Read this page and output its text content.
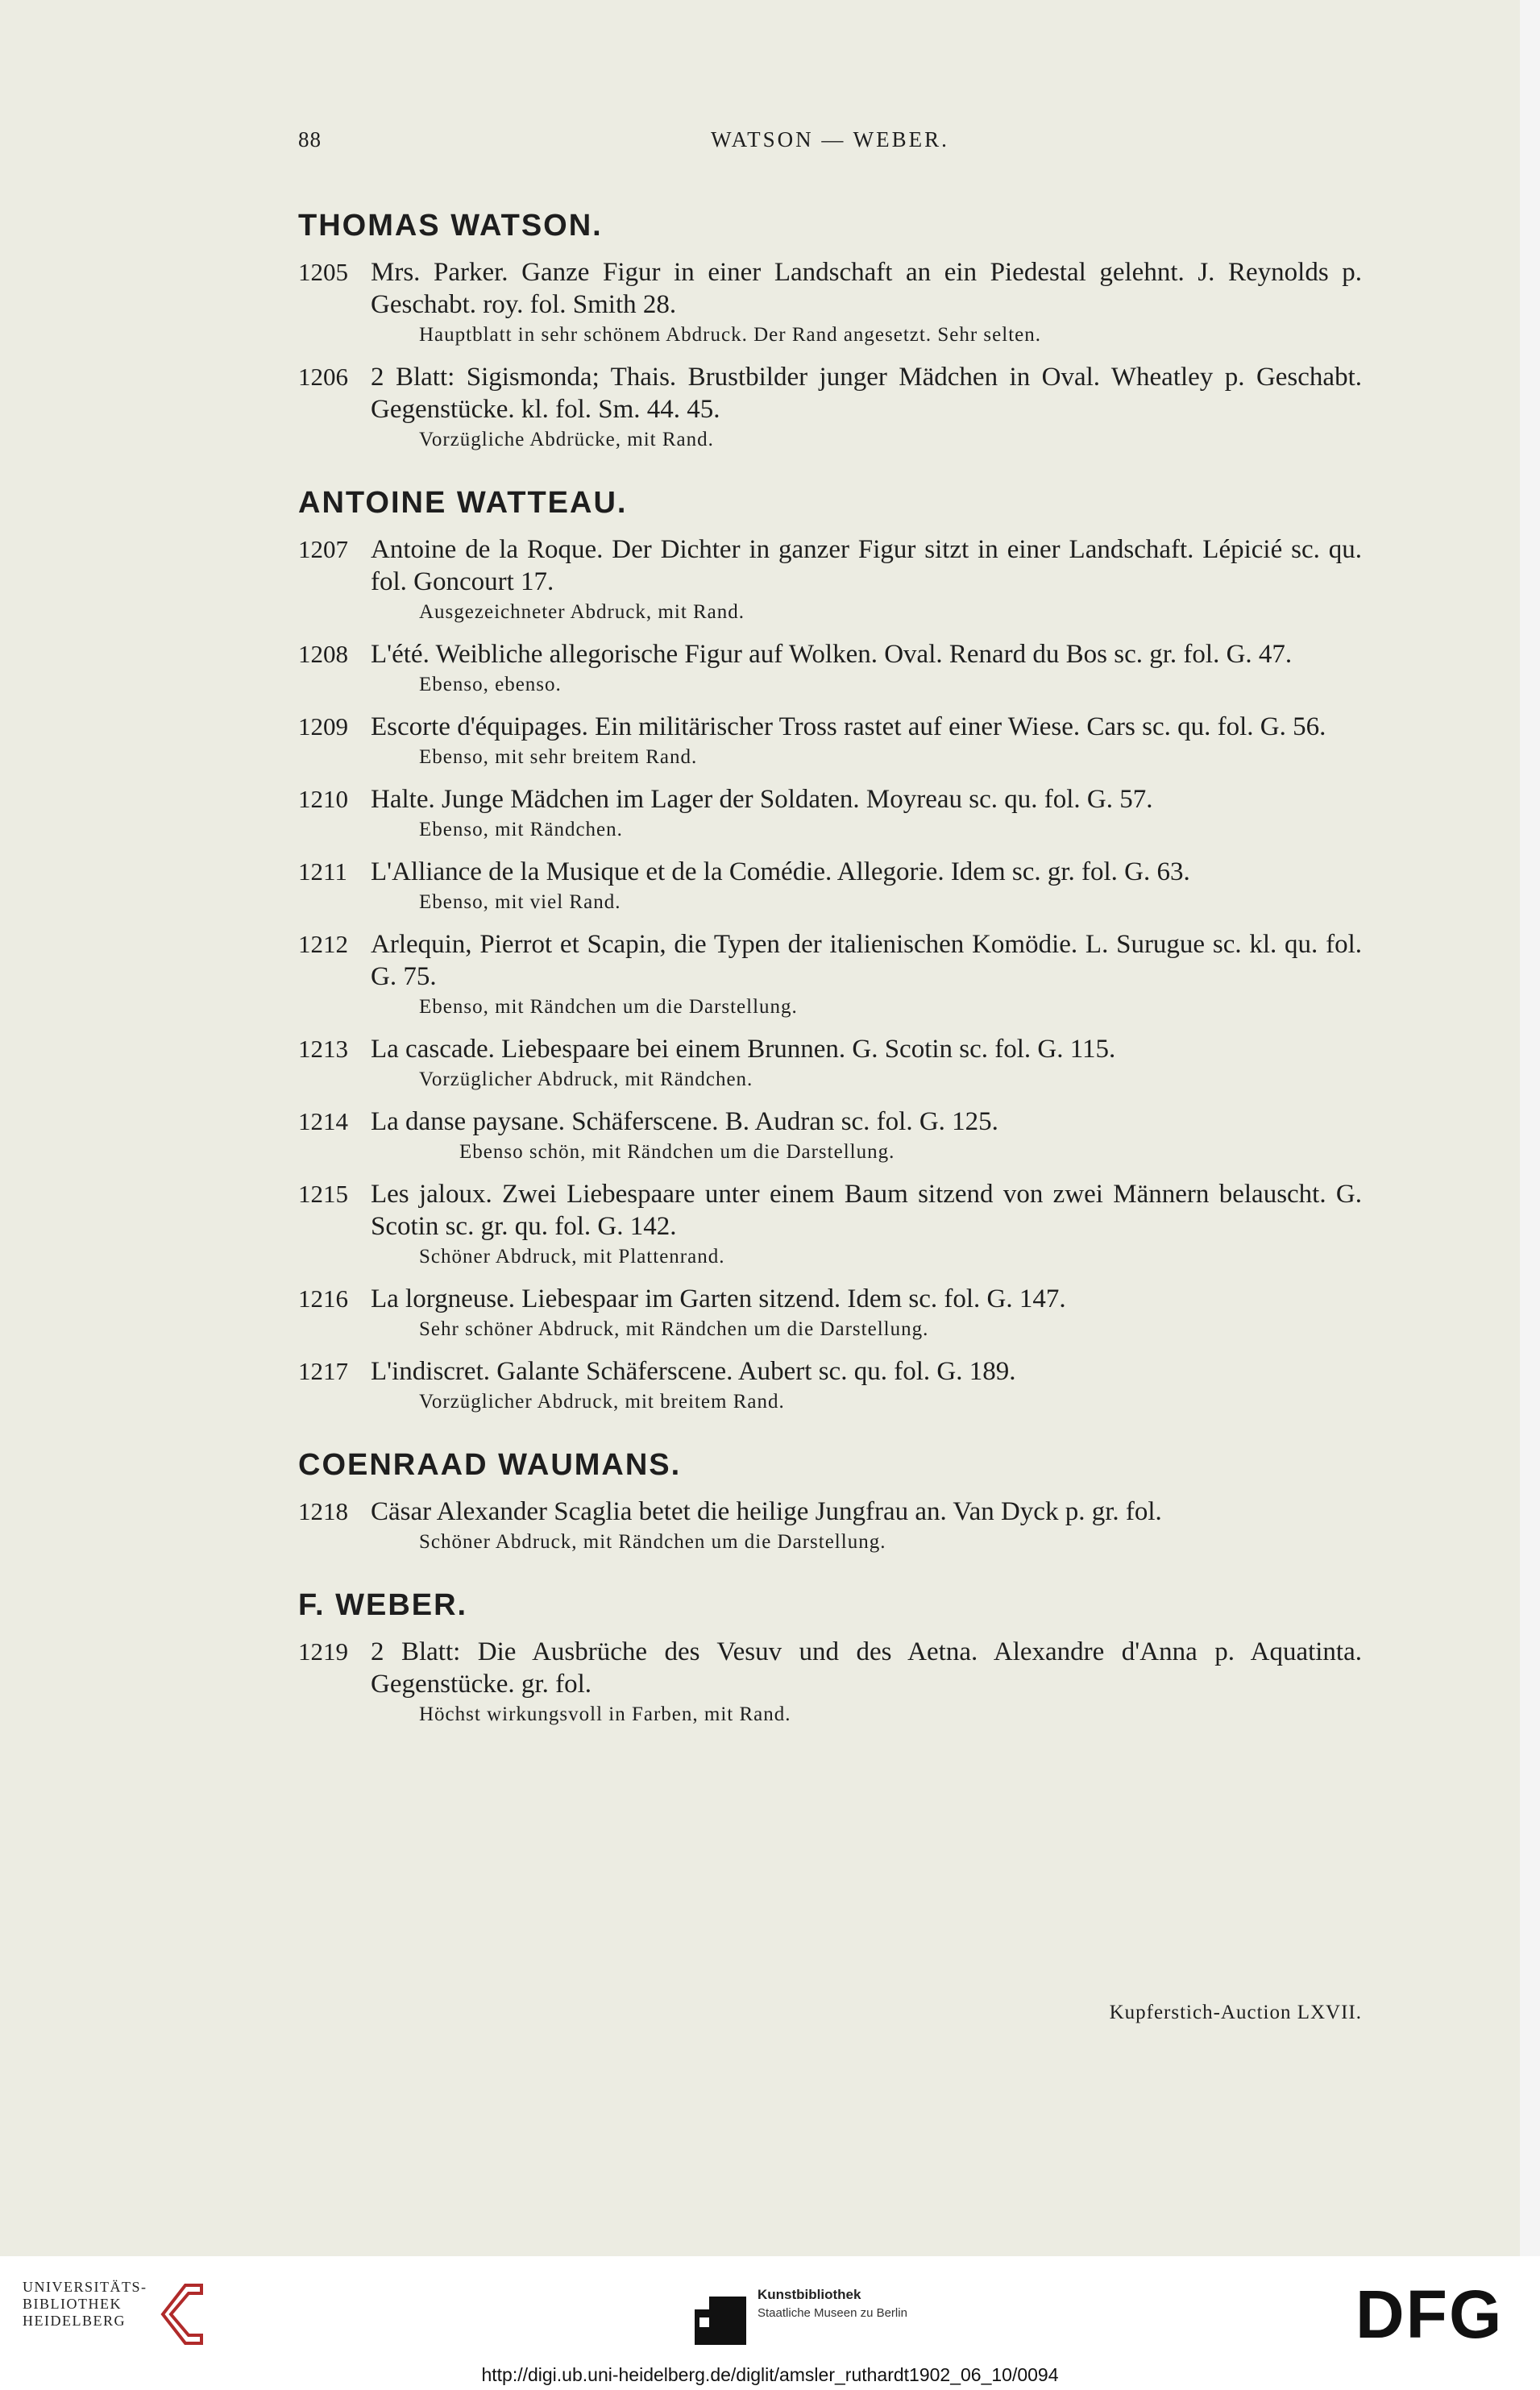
88	WATSON — WEBER.
THOMAS WATSON.
1205 Mrs. Parker. Ganze Figur in einer Landschaft an ein Piedestal gelehnt. J. Reynolds p. Geschabt. roy. fol. Smith 28.
Hauptblatt in sehr schönem Abdruck. Der Rand angesetzt. Sehr selten.
1206 2 Blatt: Sigismonda; Thais. Brustbilder junger Mädchen in Oval. Wheatley p. Geschabt. Gegenstücke. kl. fol. Sm. 44. 45.
Vorzügliche Abdrücke, mit Rand.
ANTOINE WATTEAU.
1207 Antoine de la Roque. Der Dichter in ganzer Figur sitzt in einer Landschaft. Lépicié sc. qu. fol. Goncourt 17.
Ausgezeichneter Abdruck, mit Rand.
1208 L'été. Weibliche allegorische Figur auf Wolken. Oval. Renard du Bos sc. gr. fol. G. 47.
Ebenso, ebenso.
1209 Escorte d'équipages. Ein militärischer Tross rastet auf einer Wiese. Cars sc. qu. fol. G. 56.
Ebenso, mit sehr breitem Rand.
1210 Halte. Junge Mädchen im Lager der Soldaten. Moyreau sc. qu. fol. G. 57.
Ebenso, mit Rändchen.
1211 L'Alliance de la Musique et de la Comédie. Allegorie. Idem sc. gr. fol. G. 63.
Ebenso, mit viel Rand.
1212 Arlequin, Pierrot et Scapin, die Typen der italienischen Komödie. L. Surugue sc. kl. qu. fol. G. 75.
Ebenso, mit Rändchen um die Darstellung.
1213 La cascade. Liebespaare bei einem Brunnen. G. Scotin sc. fol. G. 115.
Vorzüglicher Abdruck, mit Rändchen.
1214 La danse paysane. Schäferscene. B. Audran sc. fol. G. 125.
Ebenso schön, mit Rändchen um die Darstellung.
1215 Les jaloux. Zwei Liebespaare unter einem Baum sitzend von zwei Männern belauscht. G. Scotin sc. gr. qu. fol. G. 142.
Schöner Abdruck, mit Plattenrand.
1216 La lorgneuse. Liebespaar im Garten sitzend. Idem sc. fol. G. 147.
Sehr schöner Abdruck, mit Rändchen um die Darstellung.
1217 L'indiscret. Galante Schäferscene. Aubert sc. qu. fol. G. 189.
Vorzüglicher Abdruck, mit breitem Rand.
COENRAAD WAUMANS.
1218 Cäsar Alexander Scaglia betet die heilige Jungfrau an. Van Dyck p. gr. fol.
Schöner Abdruck, mit Rändchen um die Darstellung.
F. WEBER.
1219 2 Blatt: Die Ausbrüche des Vesuv und des Aetna. Alexandre d'Anna p. Aquatinta. Gegenstücke. gr. fol.
Höchst wirkungsvoll in Farben, mit Rand.
Kupferstich-Auction LXVII.
UNIVERSITÄTS-
BIBLIOTHEK
HEIDELBERG
Kunstbibliothek
Staatliche Museen zu Berlin	DFG
http://digi.ub.uni-heidelberg.de/diglit/amsler_ruthardt1902_06_10/0094
